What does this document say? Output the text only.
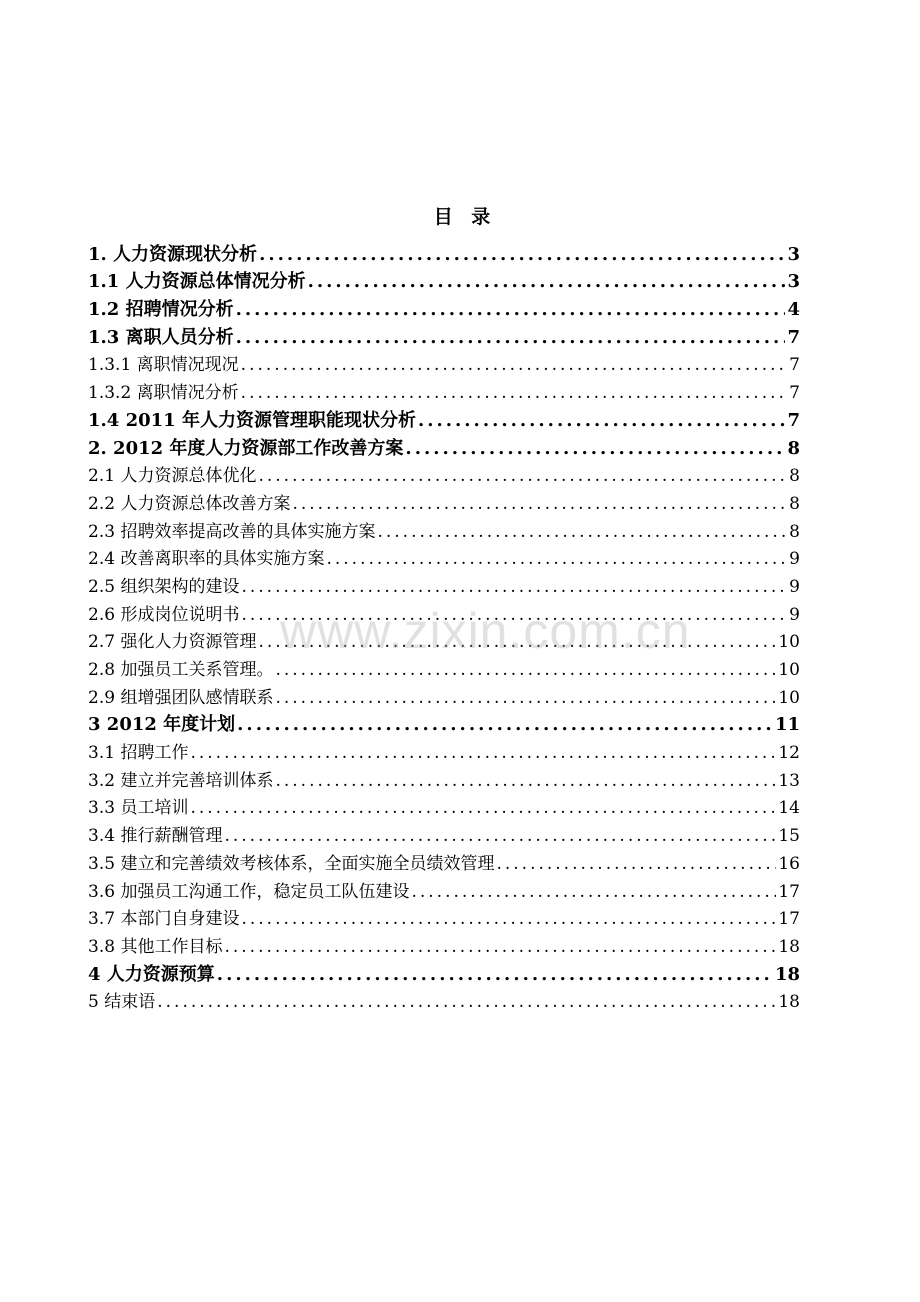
目 录
1. 人力资源现状分析 .....	3
1.1 人力资源总体情况分析 .....	3
1.2 招聘情况分析 .....	4
1.3 离职人员分析 .....	7
1.3.1 离职情况现况 .....	7
1.3.2 离职情况分析 .....	7
1.4 2011 年人力资源管理职能现状分析 .....	7
2. 2012 年度人力资源部工作改善方案 .....	8
2.1 人力资源总体优化 .....	8
2.2 人力资源总体改善方案 .....	8
2.3 招聘效率提高改善的具体实施方案 .....	8
2.4 改善离职率的具体实施方案 .....	9
2.5 组织架构的建设 .....	9
2.6 形成岗位说明书 .....	9
2.7 强化人力资源管理 .....	10
2.8 加强员工关系管理。 .....	10
2.9 组增强团队感情联系 .....	10
3 2012 年度计划 .....	11
3.1 招聘工作 .....	12
3.2 建立并完善培训体系 .....	13
3.3 员工培训 .....	14
3.4 推行薪酬管理 .....	15
3.5 建立和完善绩效考核体系，全面实施全员绩效管理 .....	16
3.6 加强员工沟通工作，稳定员工队伍建设 .....	17
3.7 本部门自身建设 .....	17
3.8 其他工作目标 .....	18
4 人力资源预算 .....	18
5 结束语 .....	18
www.zixin.com.cn
